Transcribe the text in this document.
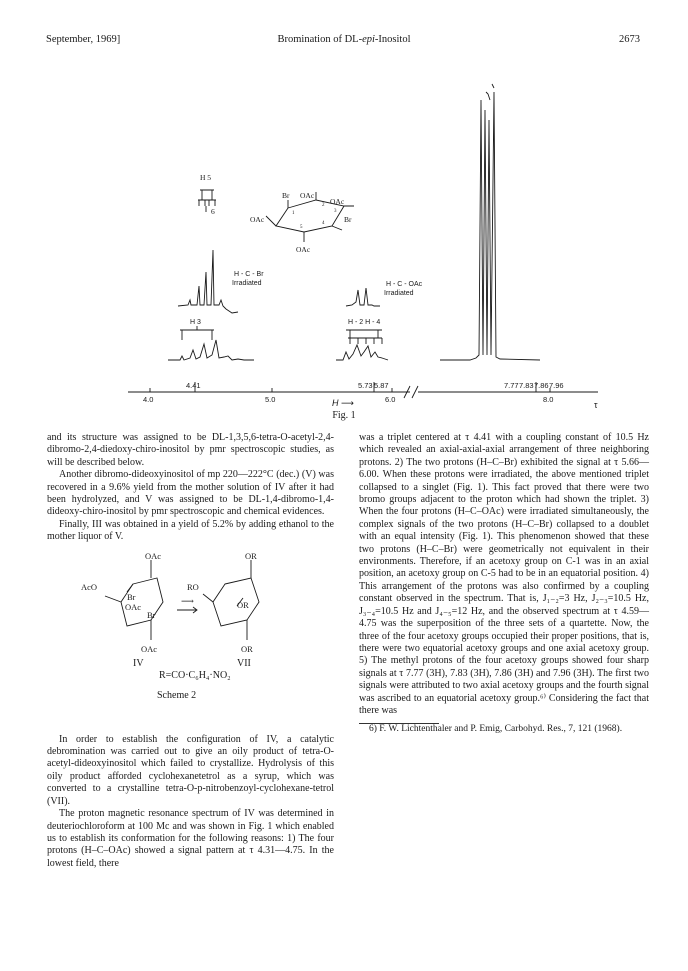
September, 1969]	Bromination of DL-epi-Inositol	2673
H 5
6
OAc
Br OAc
OAc
Br
OAc
1
2
3
4
5
H - C - Br
Irradiated	H - C - OAc
Irradiated
H 3	H - 2 H - 4
4.41	5.73 5.87	7.77 7.83 7.86 7.96
4.0	5.0	6.0	8.0
H ⟶	τ
Fig. 1

and its structure was assigned to be DL-1,3,5,6-tetra-O-acetyl-2,4-dibromo-2,4-diedoxy-chiro-inositol by pmr spectroscopic studies, as will be described below.

Another dibromo-dideoxyinositol of mp 220—222°C (dec.) (V) was recovered in a 9.6% yield from the mother solution of IV after it had been hydrolyzed, and V was assigned to be DL-1,4-dibromo-1,4-dideoxy-chiro-inositol by pmr spectroscopic and chemical evidences.

Finally, III was obtained in a yield of 5.2% by adding ethanol to the mother liquor of V.

OAc
AcO
Br
OAc
Br
OAc
OR
RO
OR
OR
⟶
IV	VII
R=CO·C₆H₄·NO₂
Scheme 2

In order to establish the configuration of IV, a catalytic debromination was carried out to give an oily product of tetra-O-acetyl-dideoxyinositol which failed to crystallize. Hydrolysis of this oily product afforded cyclohexanetetrol as a syrup, which was converted to a crystalline tetra-O-p-nitrobenzoyl-cyclohexane-tetrol (VII).

The proton magnetic resonance spectrum of IV was determined in deuteriochloroform at 100 Mc and was shown in Fig. 1 which enabled us to establish its conformation for the following reasons: 1) The four protons (H–C–OAc) showed a signal pattern at τ 4.31—4.75. In the lowest field, there

was a triplet centered at τ 4.41 with a coupling constant of 10.5 Hz which revealed an axial-axial-axial arrangement of three neighboring protons. 2) The two protons (H–C–Br) exhibited the signal at τ 5.66—6.00. When these protons were irradiated, the above mentioned triplet collapsed to a singlet (Fig. 1). This fact proved that there were two bromo groups adjacent to the proton which had shown the triplet. 3) When the four protons (H–C–OAc) were irradiated simultaneously, the complex signals of the two protons (H–C–Br) collapsed to a doublet with an equal intensity (Fig. 1). This phenomenon showed that these two protons (H–C–Br) were geometrically not equivalent in their environments. Therefore, if an acetoxy group on C-1 was in an axial position, an acetoxy group on C-5 had to be in an equatorial position. 4) This arrangement of the protons was also confirmed by a coupling constant observed in the spectrum. That is, J₁₋₂=3 Hz, J₂₋₃=10.5 Hz, J₃₋₄=10.5 Hz and J₄₋₅=12 Hz, and the observed spectrum at τ 4.59—4.75 was the superposition of the three sets of a quartette. Now, the three of the four acetoxy groups occupied their proper positions, that is, there were two equatorial acetoxy groups and one axial acetoxy group. 5) The methyl protons of the four acetoxy groups showed four sharp signals at τ 7.77 (3H), 7.83 (3H), 7.86 (3H) and 7.96 (3H). The first two signals were attributed to two axial acetoxy groups and the fourth signal was ascribed to an equatorial acetoxy group.⁶⁾ Considering the fact that there was

6) F. W. Lichtenthaler and P. Emig, Carbohyd. Res., 7, 121 (1968).
